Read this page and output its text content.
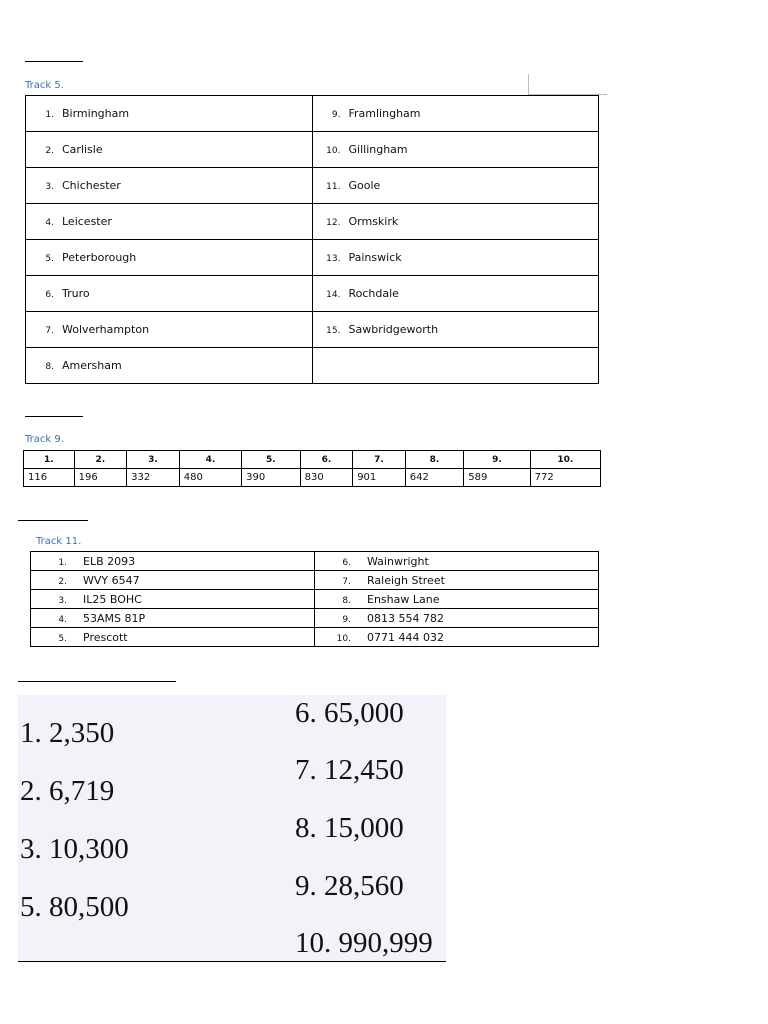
Track 5.
1. Birmingham	9. Framlingham
2. Carlisle	10. Gillingham
3. Chichester	11. Goole
4. Leicester	12. Ormskirk
5. Peterborough	13. Painswick
6. Truro	14. Rochdale
7. Wolverhampton	15. Sawbridgeworth
8. Amersham	
Track 9.
1.	2.	3.	4.	5.	6.	7.	8.	9.	10.
116	196	332	480	390	830	901	642	589	772
Track 11.
1. ELB 2093	6. Wainwright
2. WVY 6547	7. Raleigh Street
3. IL25 BOHC	8. Enshaw Lane
4. 53AMS 81P	9. 0813 554 782
5. Prescott	10. 0771 444 032
1. 2,350
2. 6,719
3. 10,300
5. 80,500
6. 65,000
7. 12,450
8. 15,000
9. 28,560
10. 990,999
